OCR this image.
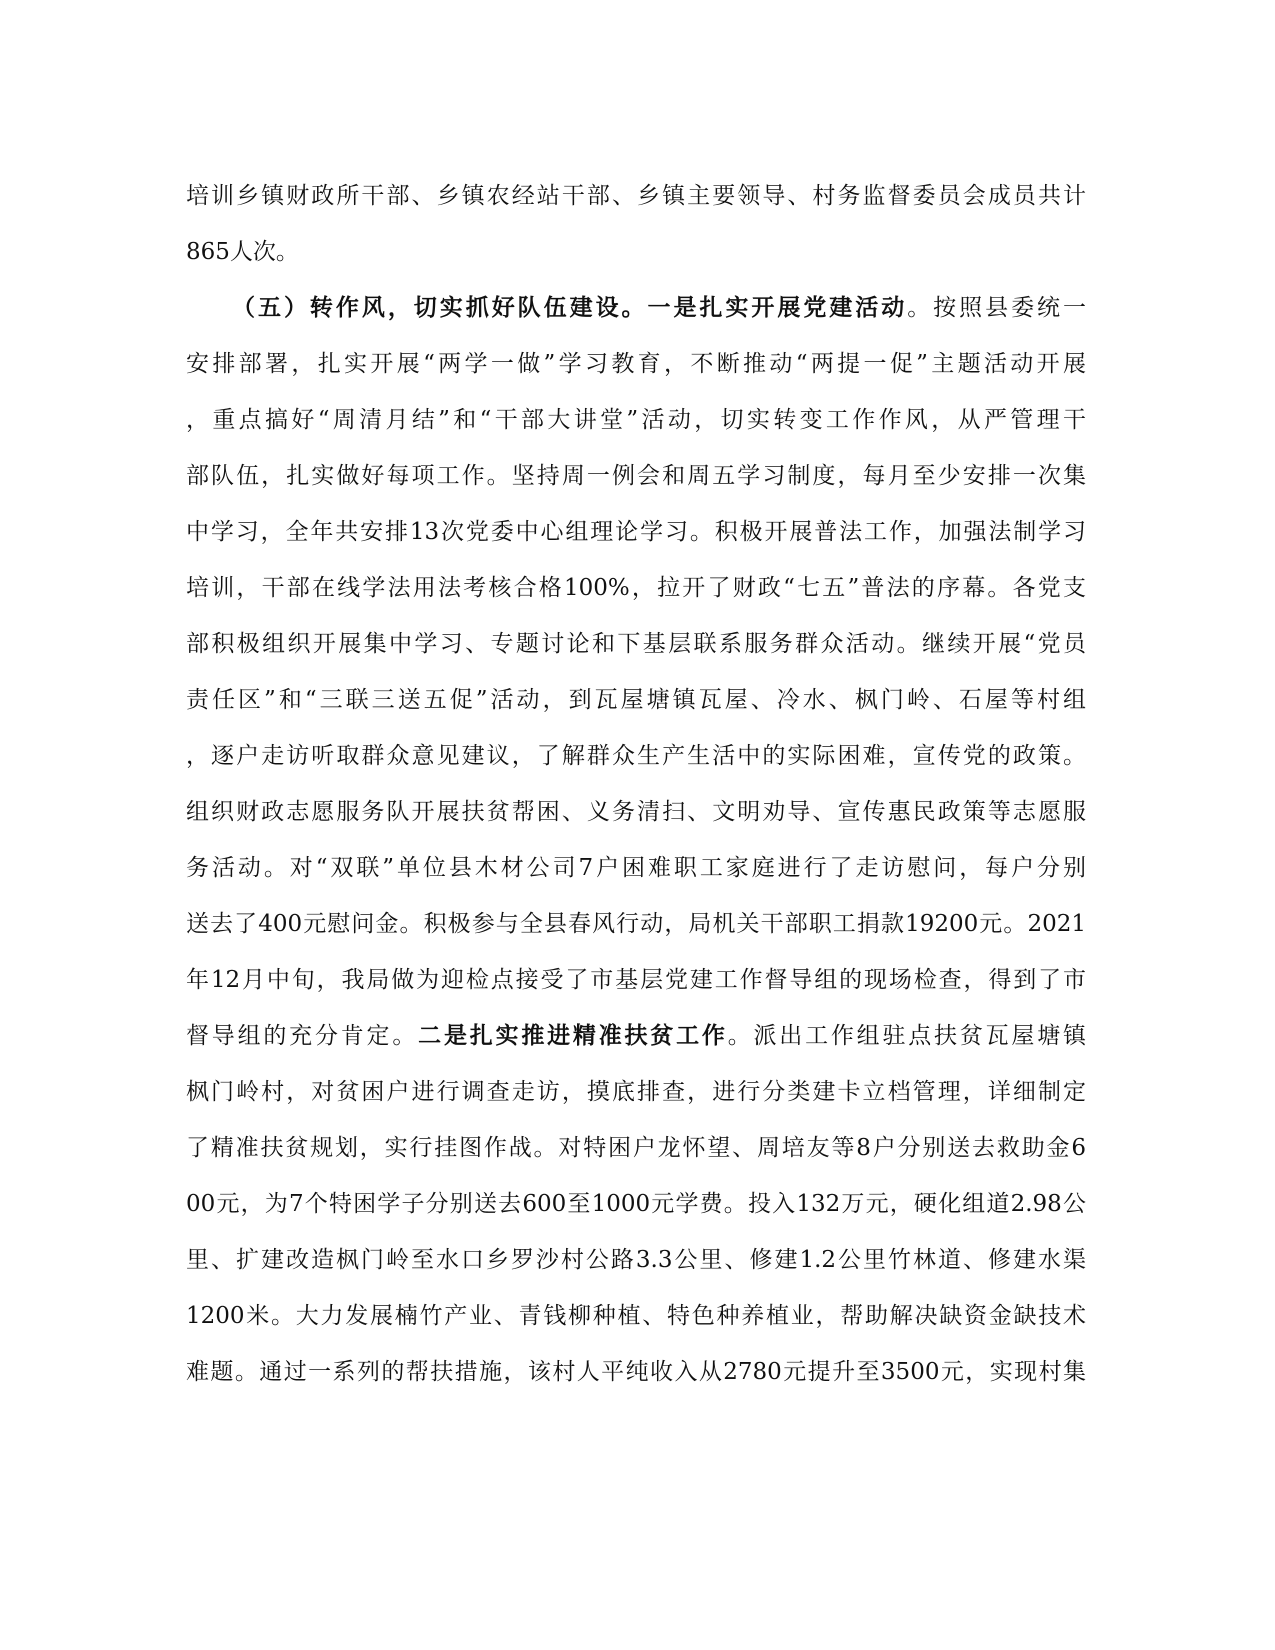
培训乡镇财政所干部、乡镇农经站干部、乡镇主要领导、村务监督委员会成员共计
865人次。
（五）转作风，切实抓好队伍建设。一是扎实开展党建活动。按照县委统一
安排部署，扎实开展“两学一做”学习教育，不断推动“两提一促”主题活动开展
，重点搞好“周清月结”和“干部大讲堂”活动，切实转变工作作风，从严管理干
部队伍，扎实做好每项工作。坚持周一例会和周五学习制度，每月至少安排一次集
中学习，全年共安排13次党委中心组理论学习。积极开展普法工作，加强法制学习
培训，干部在线学法用法考核合格100%，拉开了财政“七五”普法的序幕。各党支
部积极组织开展集中学习、专题讨论和下基层联系服务群众活动。继续开展“党员
责任区”和“三联三送五促”活动，到瓦屋塘镇瓦屋、冷水、枫门岭、石屋等村组
，逐户走访听取群众意见建议，了解群众生产生活中的实际困难，宣传党的政策。
组织财政志愿服务队开展扶贫帮困、义务清扫、文明劝导、宣传惠民政策等志愿服
务活动。对“双联”单位县木材公司7户困难职工家庭进行了走访慰问，每户分别
送去了400元慰问金。积极参与全县春风行动，局机关干部职工捐款19200元。2021
年12月中旬，我局做为迎检点接受了市基层党建工作督导组的现场检查，得到了市
督导组的充分肯定。二是扎实推进精准扶贫工作。派出工作组驻点扶贫瓦屋塘镇
枫门岭村，对贫困户进行调查走访，摸底排查，进行分类建卡立档管理，详细制定
了精准扶贫规划，实行挂图作战。对特困户龙怀望、周培友等8户分别送去救助金6
00元，为7个特困学子分别送去600至1000元学费。投入132万元，硬化组道2.98公
里、扩建改造枫门岭至水口乡罗沙村公路3.3公里、修建1.2公里竹林道、修建水渠
1200米。大力发展楠竹产业、青钱柳种植、特色种养植业，帮助解决缺资金缺技术
难题。通过一系列的帮扶措施，该村人平纯收入从2780元提升至3500元，实现村集
